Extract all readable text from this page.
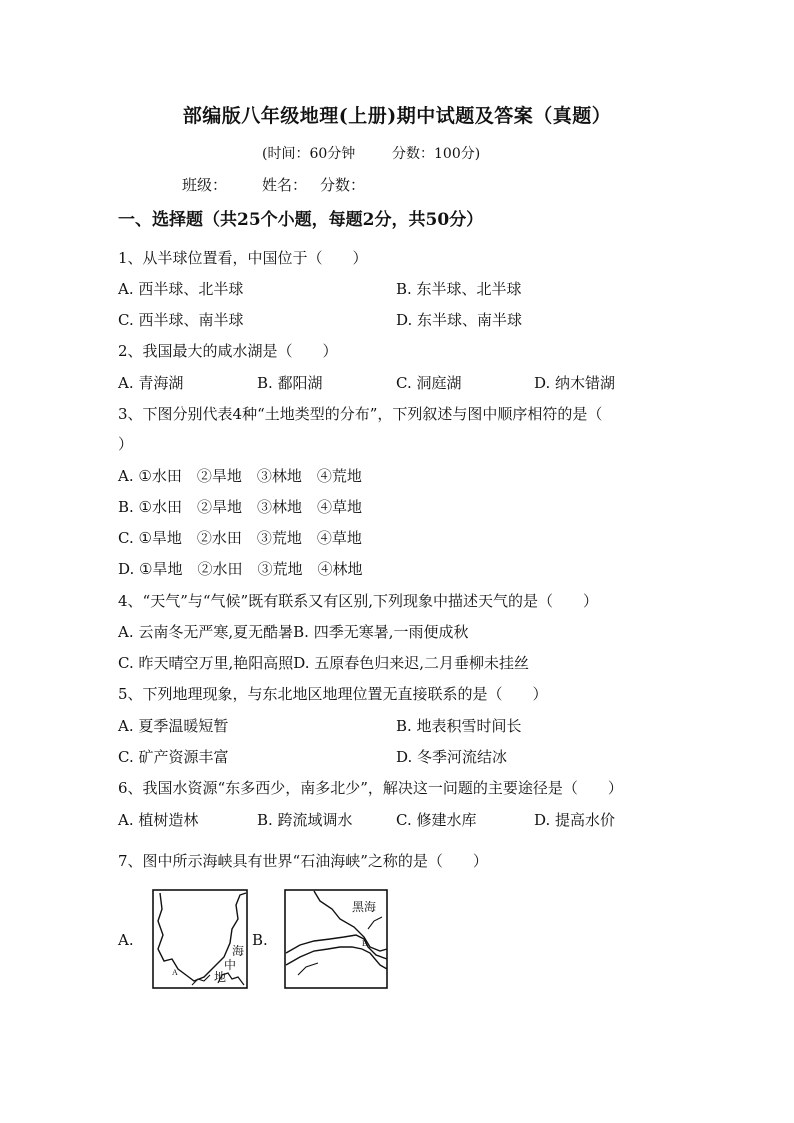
部编版八年级地理(上册)期中试题及答案（真题）
(时间：60分钟	分数：100分)
班级： 姓名： 分数：
一、选择题（共25个小题，每题2分，共50分）
1、从半球位置看，中国位于（　　）
A. 西半球、北半球	B. 东半球、北半球
C. 西半球、南半球	D. 东半球、南半球
2、我国最大的咸水湖是（　　）
A. 青海湖	B. 鄱阳湖	C. 洞庭湖	D. 纳木错湖
3、下图分别代表4种“土地类型的分布”，下列叙述与图中顺序相符的是（
）
A. ①水田　②旱地　③林地　④荒地
B. ①水田　②旱地　③林地　④草地
C. ①旱地　②水田　③荒地　④草地
D. ①旱地　②水田　③荒地　④林地
4、“天气”与“气候”既有联系又有区别,下列现象中描述天气的是（　　）
A. 云南冬无严寒,夏无酷暑B. 四季无寒暑,一雨便成秋
C. 昨天晴空万里,艳阳高照D. 五原春色归来迟,二月垂柳未挂丝
5、下列地理现象，与东北地区地理位置无直接联系的是（　　）
A. 夏季温暖短暂	B. 地表积雪时间长
C. 矿产资源丰富	D. 冬季河流结冰
6、我国水资源“东多西少，南多北少”，解决这一问题的主要途径是（　　）
A. 植树造林	B. 跨流域调水	C. 修建水库	D. 提高水价
7、图中所示海峡具有世界“石油海峡”之称的是（　　）
A.
海
中
地
A
B.
黑海
B
